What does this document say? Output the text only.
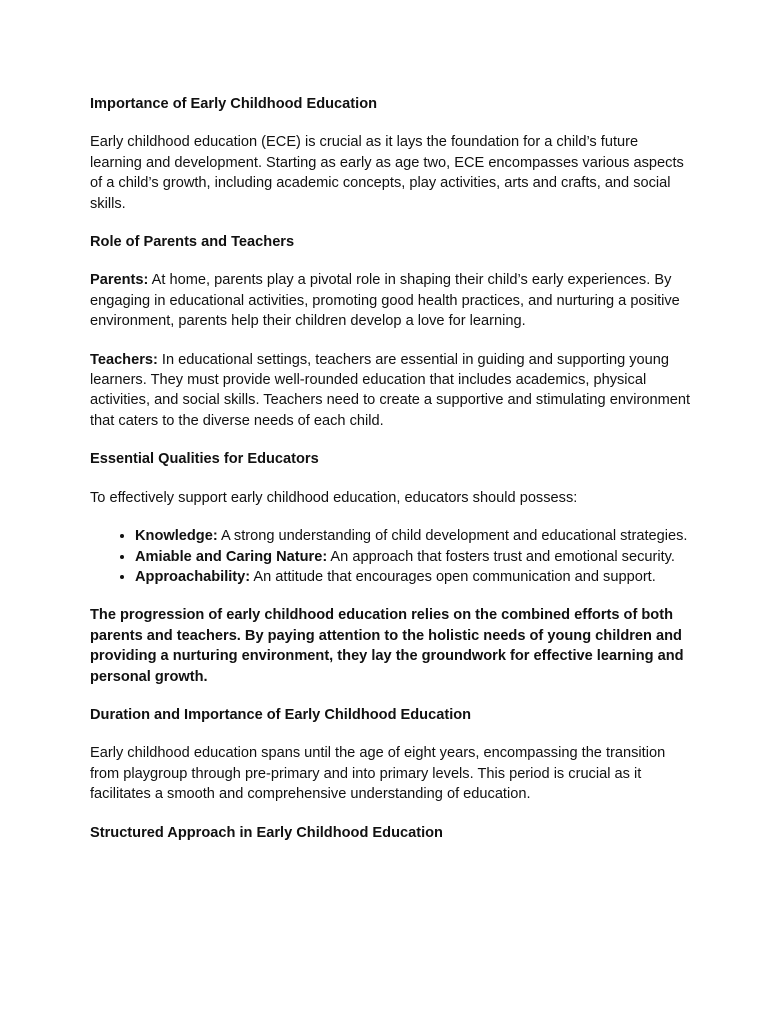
Importance of Early Childhood Education

Early childhood education (ECE) is crucial as it lays the foundation for a child’s future learning and development. Starting as early as age two, ECE encompasses various aspects of a child’s growth, including academic concepts, play activities, arts and crafts, and social skills.

Role of Parents and Teachers

Parents: At home, parents play a pivotal role in shaping their child’s early experiences. By engaging in educational activities, promoting good health practices, and nurturing a positive environment, parents help their children develop a love for learning.

Teachers: In educational settings, teachers are essential in guiding and supporting young learners. They must provide well-rounded education that includes academics, physical activities, and social skills. Teachers need to create a supportive and stimulating environment that caters to the diverse needs of each child.

Essential Qualities for Educators

To effectively support early childhood education, educators should possess:

• Knowledge: A strong understanding of child development and educational strategies.
• Amiable and Caring Nature: An approach that fosters trust and emotional security.
• Approachability: An attitude that encourages open communication and support.

The progression of early childhood education relies on the combined efforts of both parents and teachers. By paying attention to the holistic needs of young children and providing a nurturing environment, they lay the groundwork for effective learning and personal growth.

Duration and Importance of Early Childhood Education

Early childhood education spans until the age of eight years, encompassing the transition from playgroup through pre-primary and into primary levels. This period is crucial as it facilitates a smooth and comprehensive understanding of education.

Structured Approach in Early Childhood Education
